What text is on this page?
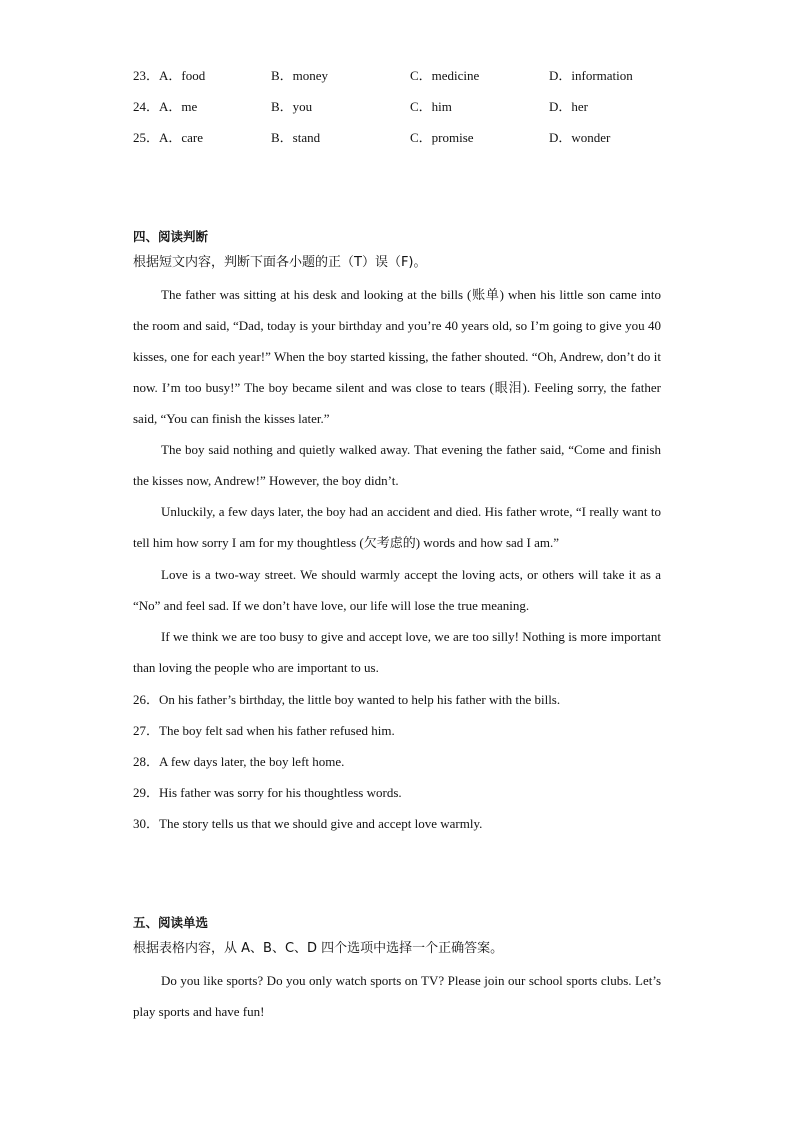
23．A．food	B．money	C．medicine	D．information
24．A．me	B．you	C．him	D．her
25．A．care	B．stand	C．promise	D．wonder
四、阅读判断
根据短文内容，判断下面各小题的正（T）误（F)。

The father was sitting at his desk and looking at the bills (账单) when his little son came into the room and said, “Dad, today is your birthday and you’re 40 years old, so I’m going to give you 40 kisses, one for each year!” When the boy started kissing, the father shouted. “Oh, Andrew, don’t do it now. I’m too busy!” The boy became silent and was close to tears (眼泪). Feeling sorry, the father said, “You can finish the kisses later.”

The boy said nothing and quietly walked away. That evening the father said, “Come and finish the kisses now, Andrew!” However, the boy didn’t.

Unluckily, a few days later, the boy had an accident and died. His father wrote, “I really want to tell him how sorry I am for my thoughtless (欠考虑的) words and how sad I am.”

Love is a two-way street. We should warmly accept the loving acts, or others will take it as a “No” and feel sad. If we don’t have love, our life will lose the true meaning.

If we think we are too busy to give and accept love, we are too silly! Nothing is more important than loving the people who are important to us.

26．On his father’s birthday, the little boy wanted to help his father with the bills.
27．The boy felt sad when his father refused him.
28．A few days later, the boy left home.
29．His father was sorry for his thoughtless words.
30．The story tells us that we should give and accept love warmly.
五、阅读单选
根据表格内容，从 A、B、C、D 四个选项中选择一个正确答案。

Do you like sports? Do you only watch sports on TV? Please join our school sports clubs. Let’s play sports and have fun!
